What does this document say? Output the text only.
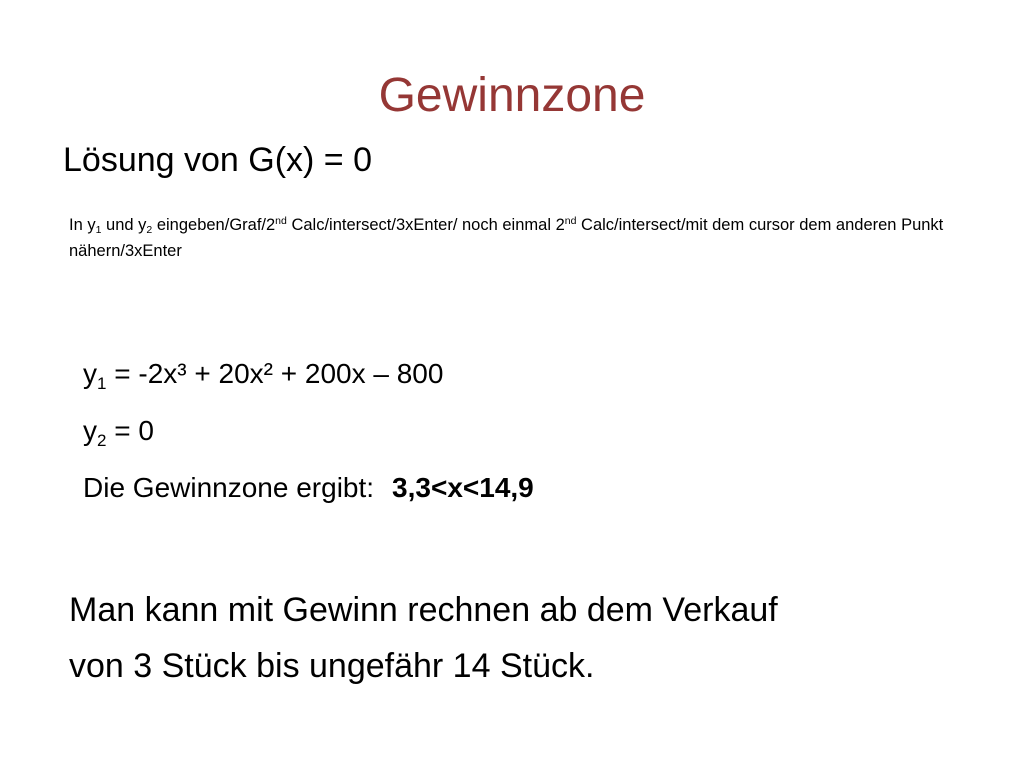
Gewinnzone
Lösung von G(x) = 0
In $y_1$ und $y_2$ eingeben/Graf/2nd Calc/intersect/3xEnter/ noch einmal 2nd Calc/intersect/mit dem cursor dem anderen Punkt nähern/3xEnter
$y_1 = -2x^3 + 20x^2 + 200x - 800$
$y_2 = 0$
Die Gewinnzone ergibt: 3,3<x<14,9
Man kann mit Gewinn rechnen ab dem Verkauf
von 3 Stück bis ungefähr 14 Stück.
